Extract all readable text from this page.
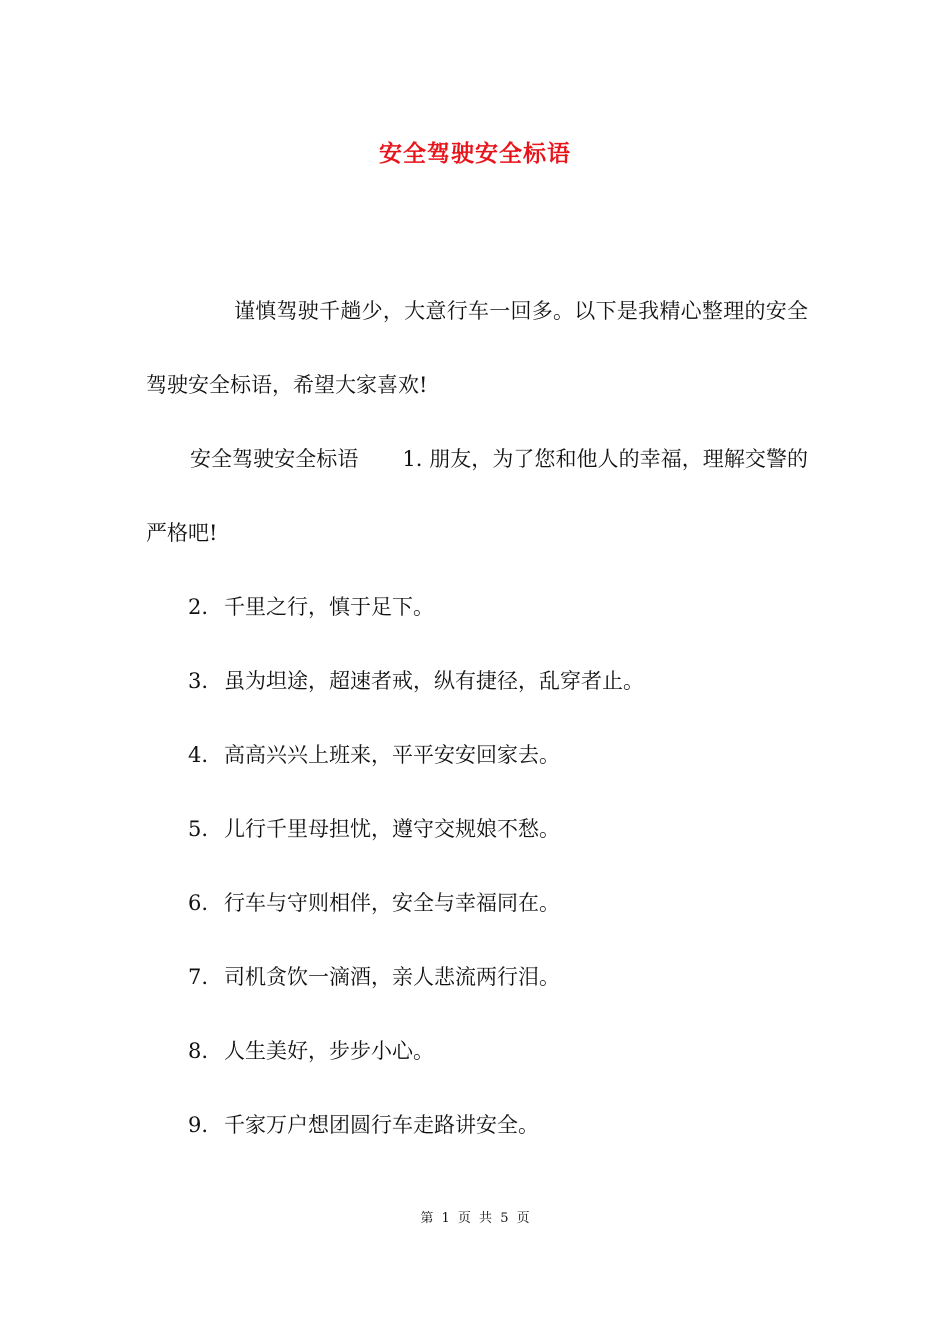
安全驾驶安全标语

谨慎驾驶千趟少，大意行车一回多。以下是我精心整理的安全驾驶安全标语，希望大家喜欢!

安全驾驶安全标语 1. 朋友，为了您和他人的幸福，理解交警的严格吧!

2. 千里之行，慎于足下。

3. 虽为坦途，超速者戒，纵有捷径，乱穿者止。

4. 高高兴兴上班来，平平安安回家去。

5. 儿行千里母担忧，遵守交规娘不愁。

6. 行车与守则相伴，安全与幸福同在。

7. 司机贪饮一滴酒，亲人悲流两行泪。

8. 人生美好，步步小心。

9. 千家万户想团圆行车走路讲安全。

第 1 页 共 5 页
